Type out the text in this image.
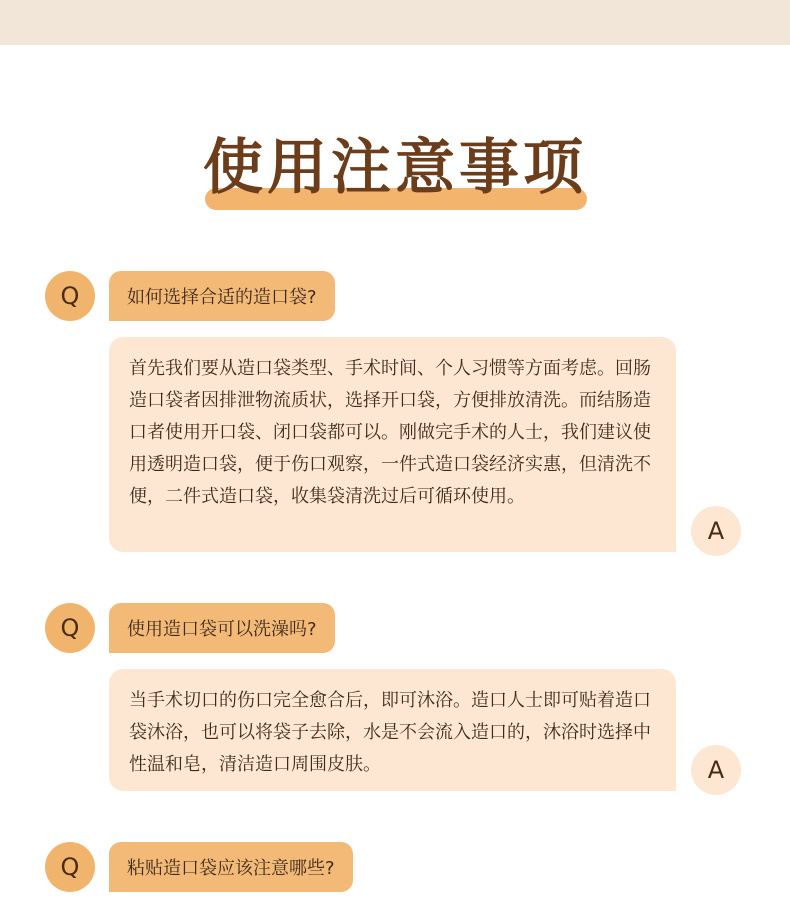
使用注意事项
Q	如何选择合适的造口袋?
首先我们要从造口袋类型、手术时间、个人习惯等方面考虑。回肠造口袋者因排泄物流质状，选择开口袋，方便排放清洗。而结肠造口者使用开口袋、闭口袋都可以。刚做完手术的人士，我们建议使用透明造口袋，便于伤口观察，一件式造口袋经济实惠，但清洗不便，二件式造口袋，收集袋清洗过后可循环使用。
A
Q	使用造口袋可以洗澡吗?
当手术切口的伤口完全愈合后，即可沐浴。造口人士即可贴着造口袋沐浴，也可以将袋子去除，水是不会流入造口的，沐浴时选择中性温和皂，清洁造口周围皮肤。	A
Q	粘贴造口袋应该注意哪些?
